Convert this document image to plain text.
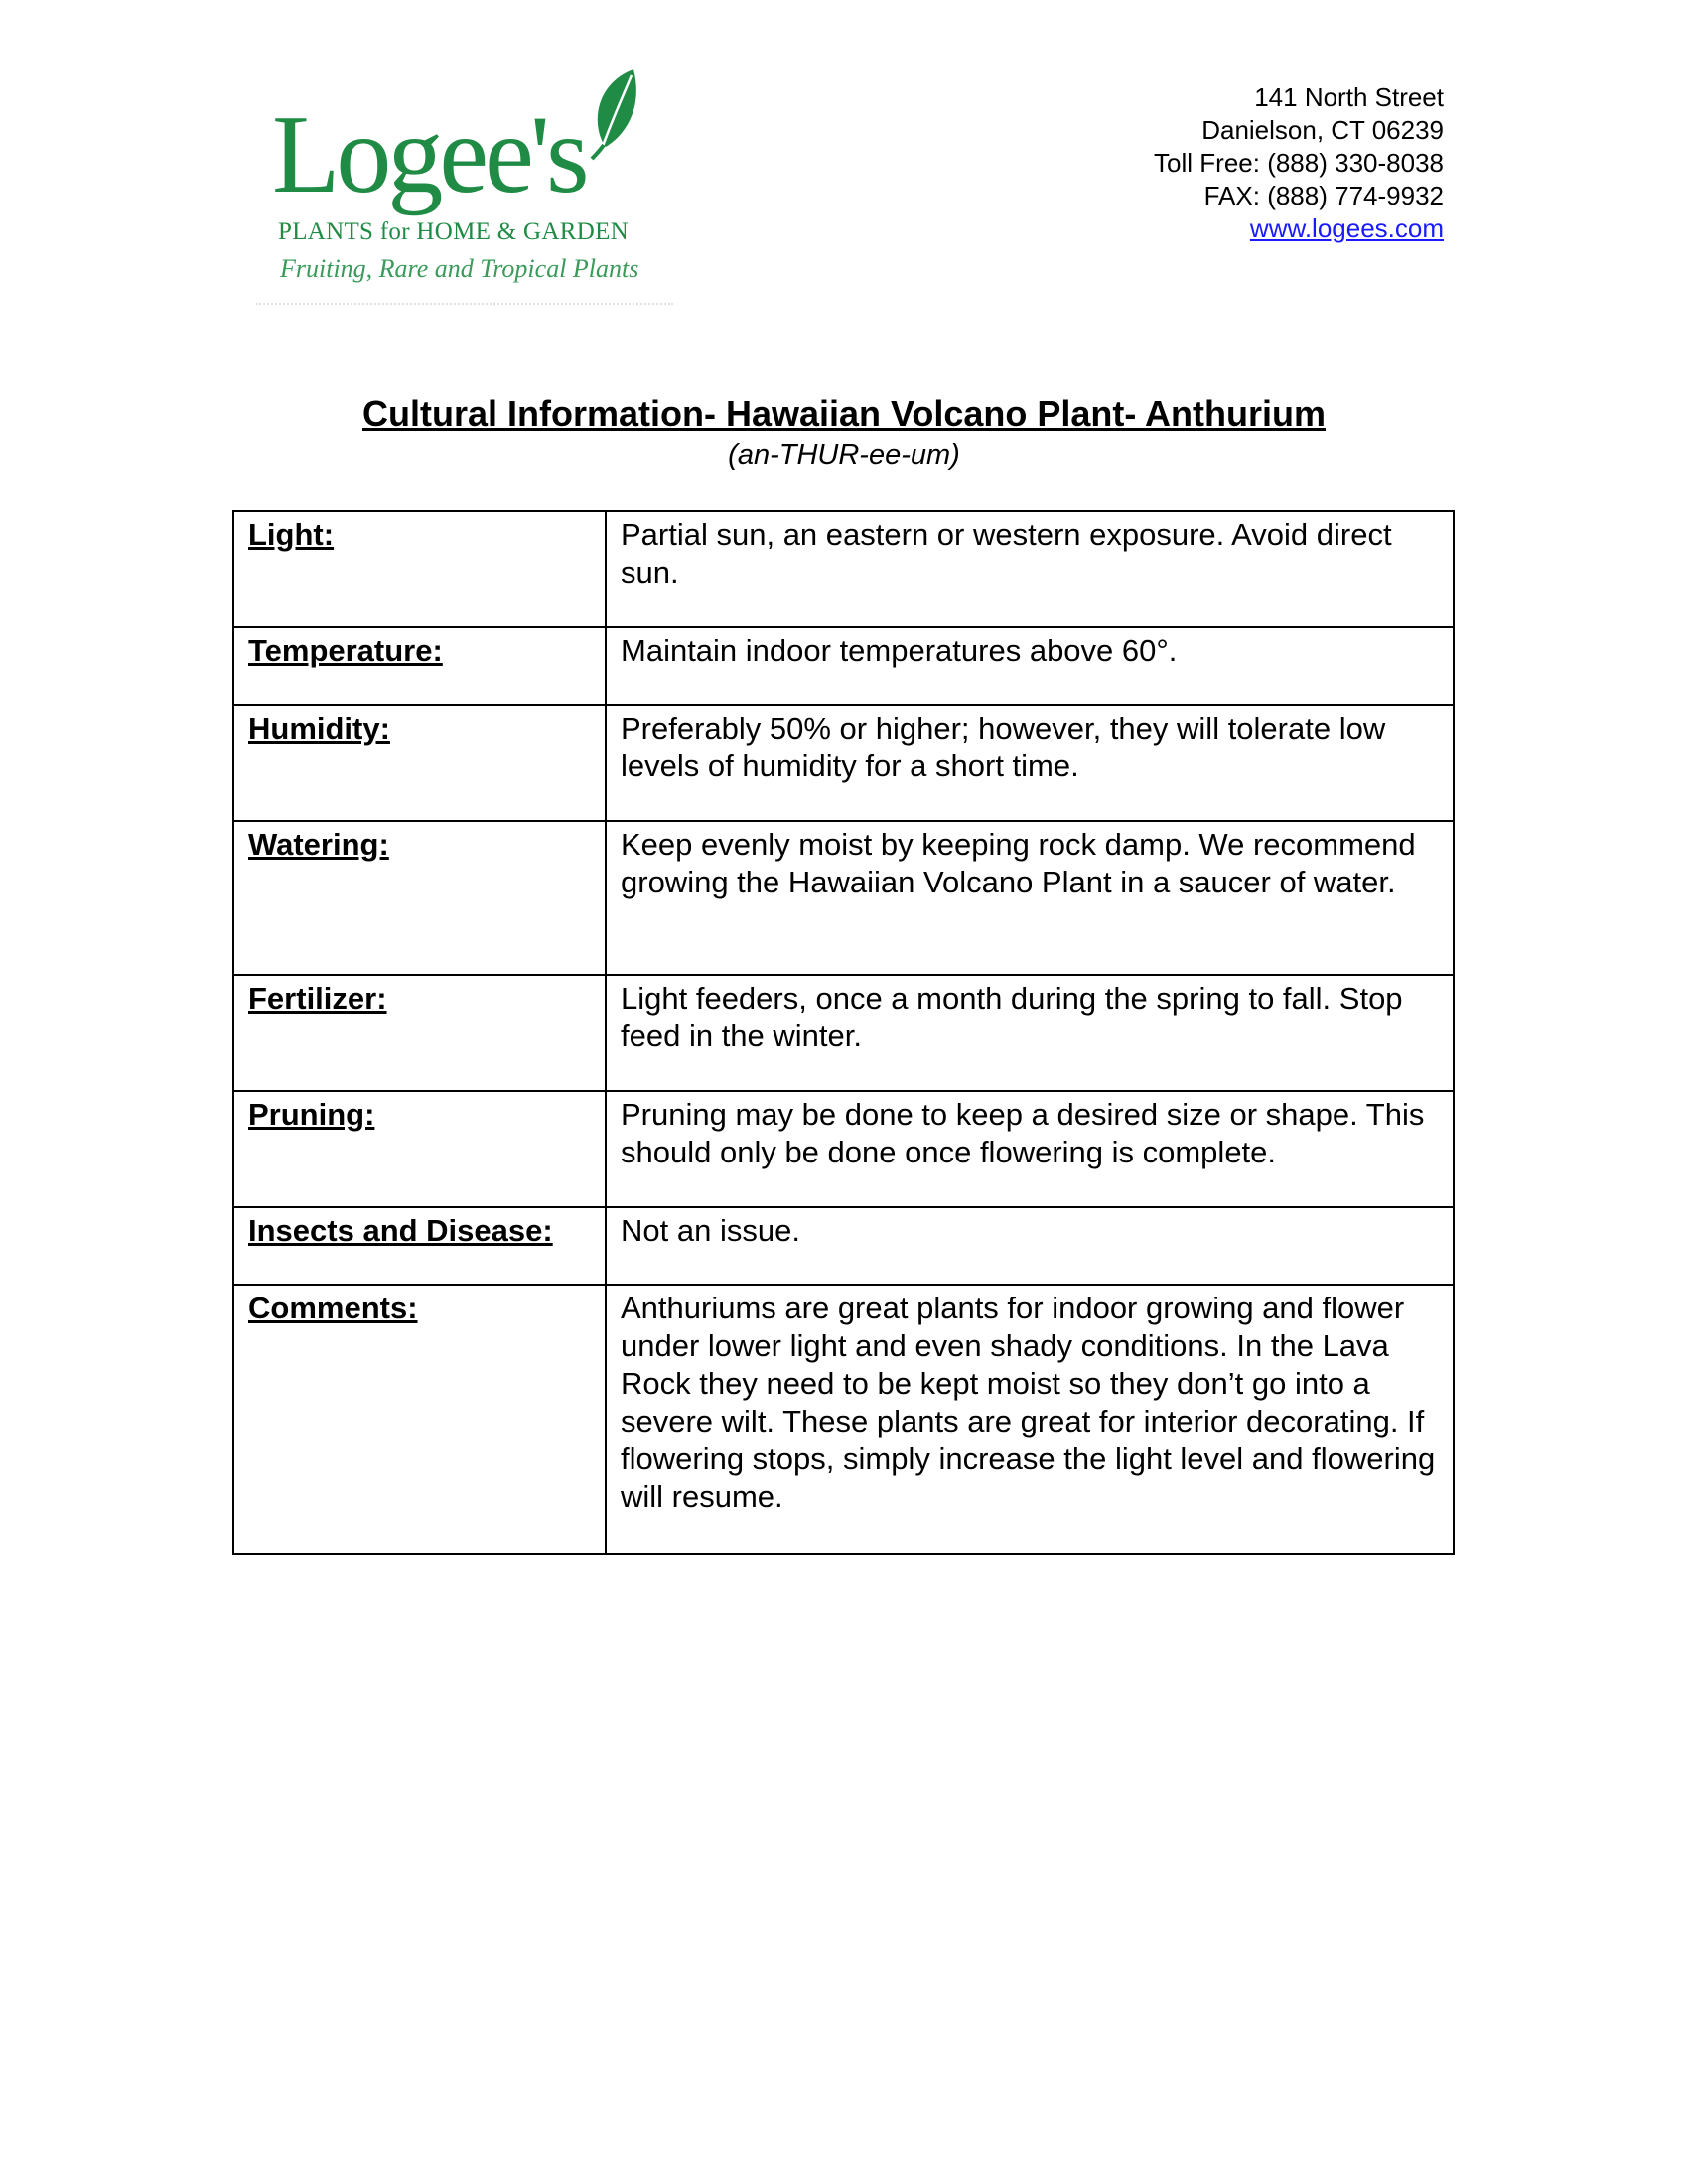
Logee's
PLANTS for HOME & GARDEN
Fruiting, Rare and Tropical Plants
141 North Street
Danielson, CT 06239
Toll Free: (888) 330-8038
FAX: (888) 774-9932
www.logees.com
Cultural Information- Hawaiian Volcano Plant- Anthurium
(an-THUR-ee-um)
Light:	Partial sun, an eastern or western exposure. Avoid direct sun.
Temperature:	Maintain indoor temperatures above 60°.
Humidity:	Preferably 50% or higher; however, they will tolerate low levels of humidity for a short time.
Watering:	Keep evenly moist by keeping rock damp. We recommend growing the Hawaiian Volcano Plant in a saucer of water.
Fertilizer:	Light feeders, once a month during the spring to fall. Stop feed in the winter.
Pruning:	Pruning may be done to keep a desired size or shape. This should only be done once flowering is complete.
Insects and Disease:	Not an issue.
Comments:	Anthuriums are great plants for indoor growing and flower under lower light and even shady conditions. In the Lava Rock they need to be kept moist so they don’t go into a severe wilt. These plants are great for interior decorating. If flowering stops, simply increase the light level and flowering will resume.
